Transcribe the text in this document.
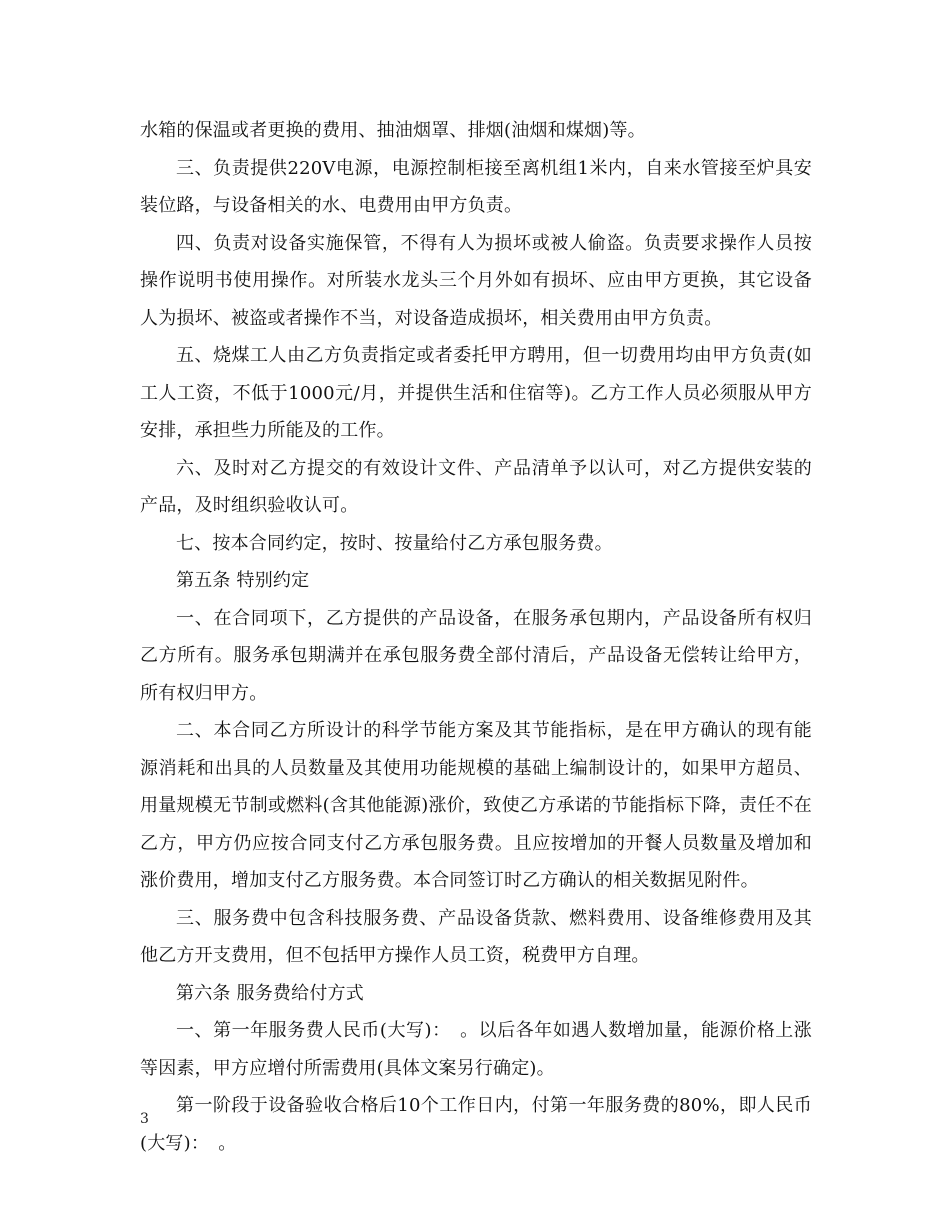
水箱的保温或者更换的费用、抽油烟罩、排烟(油烟和煤烟)等。

三、负责提供220V电源，电源控制柜接至离机组1米内，自来水管接至炉具安装位路，与设备相关的水、电费用由甲方负责。

四、负责对设备实施保管，不得有人为损坏或被人偷盗。负责要求操作人员按操作说明书使用操作。对所装水龙头三个月外如有损坏、应由甲方更换，其它设备人为损坏、被盗或者操作不当，对设备造成损坏，相关费用由甲方负责。

五、烧煤工人由乙方负责指定或者委托甲方聘用，但一切费用均由甲方负责(如工人工资，不低于1000元/月，并提供生活和住宿等)。乙方工作人员必须服从甲方安排，承担些力所能及的工作。

六、及时对乙方提交的有效设计文件、产品清单予以认可，对乙方提供安装的产品，及时组织验收认可。

七、按本合同约定，按时、按量给付乙方承包服务费。

第五条 特别约定

一、在合同项下，乙方提供的产品设备，在服务承包期内，产品设备所有权归乙方所有。服务承包期满并在承包服务费全部付清后，产品设备无偿转让给甲方，所有权归甲方。

二、本合同乙方所设计的科学节能方案及其节能指标，是在甲方确认的现有能源消耗和出具的人员数量及其使用功能规模的基础上编制设计的，如果甲方超员、用量规模无节制或燃料(含其他能源)涨价，致使乙方承诺的节能指标下降，责任不在乙方，甲方仍应按合同支付乙方承包服务费。且应按增加的开餐人员数量及增加和涨价费用，增加支付乙方服务费。本合同签订时乙方确认的相关数据见附件。

三、服务费中包含科技服务费、产品设备货款、燃料费用、设备维修费用及其他乙方开支费用，但不包括甲方操作人员工资，税费甲方自理。

第六条 服务费给付方式

一、第一年服务费人民币(大写)：　。以后各年如遇人数增加量，能源价格上涨等因素，甲方应增付所需费用(具体文案另行确定)。

第一阶段于设备验收合格后10个工作日内，付第一年服务费的80%，即人民币(大写)：　。

3
